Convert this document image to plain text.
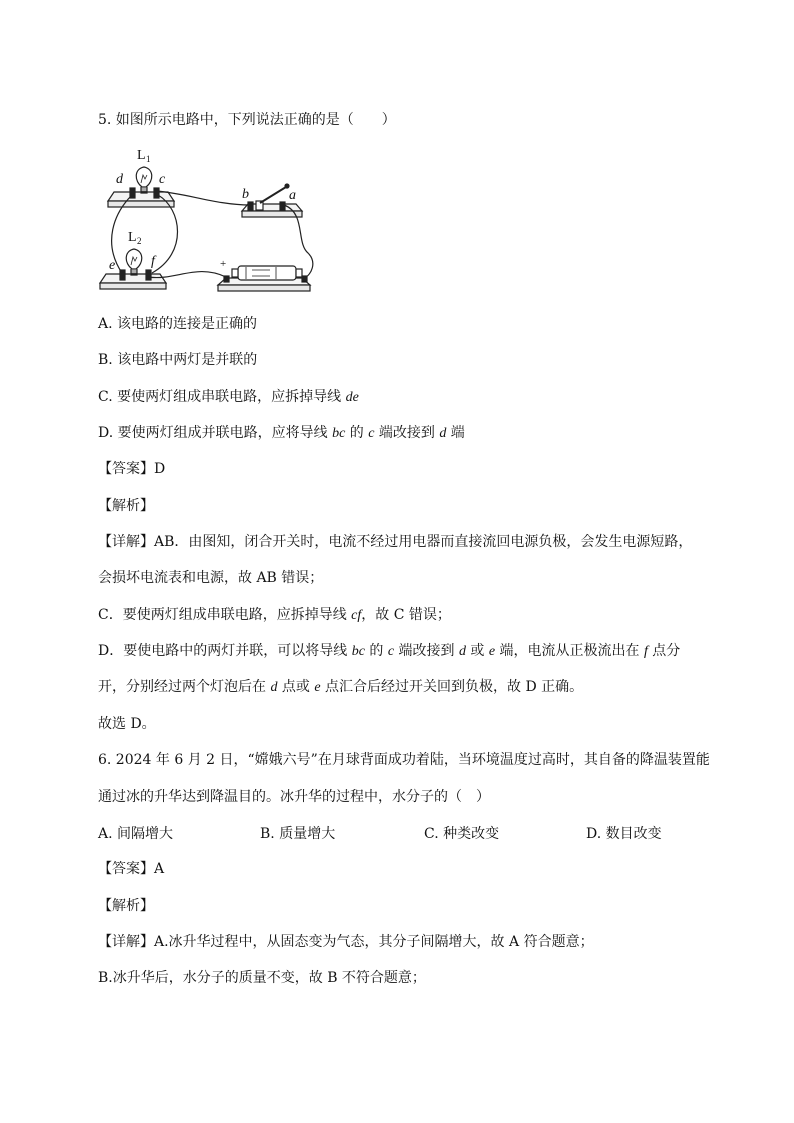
5. 如图所示电路中，下列说法正确的是（　　）
L 1
d	c
L 2
e	f
b	a
+
−
A. 该电路的连接是正确的
B. 该电路中两灯是并联的
C. 要使两灯组成串联电路，应拆掉导线 de
D. 要使两灯组成并联电路，应将导线 bc 的 c 端改接到 d 端
【答案】D
【解析】
【详解】AB．由图知，闭合开关时，电流不经过用电器而直接流回电源负极，会发生电源短路，
会损坏电流表和电源，故 AB 错误；
C．要使两灯组成串联电路，应拆掉导线 cf，故 C 错误；
D．要使电路中的两灯并联，可以将导线 bc 的 c 端改接到 d 或 e 端，电流从正极流出在 f 点分
开，分别经过两个灯泡后在 d 点或 e 点汇合后经过开关回到负极，故 D 正确。
故选 D。
6. 2024 年 6 月 2 日，“嫦娥六号”在月球背面成功着陆，当环境温度过高时，其自备的降温装置能
通过冰的升华达到降温目的。冰升华的过程中，水分子的（　）
A. 间隔增大	B. 质量增大	C. 种类改变	D. 数目改变
【答案】A
【解析】
【详解】A.冰升华过程中，从固态变为气态，其分子间隔增大，故 A 符合题意；
B.冰升华后，水分子的质量不变，故 B 不符合题意；
